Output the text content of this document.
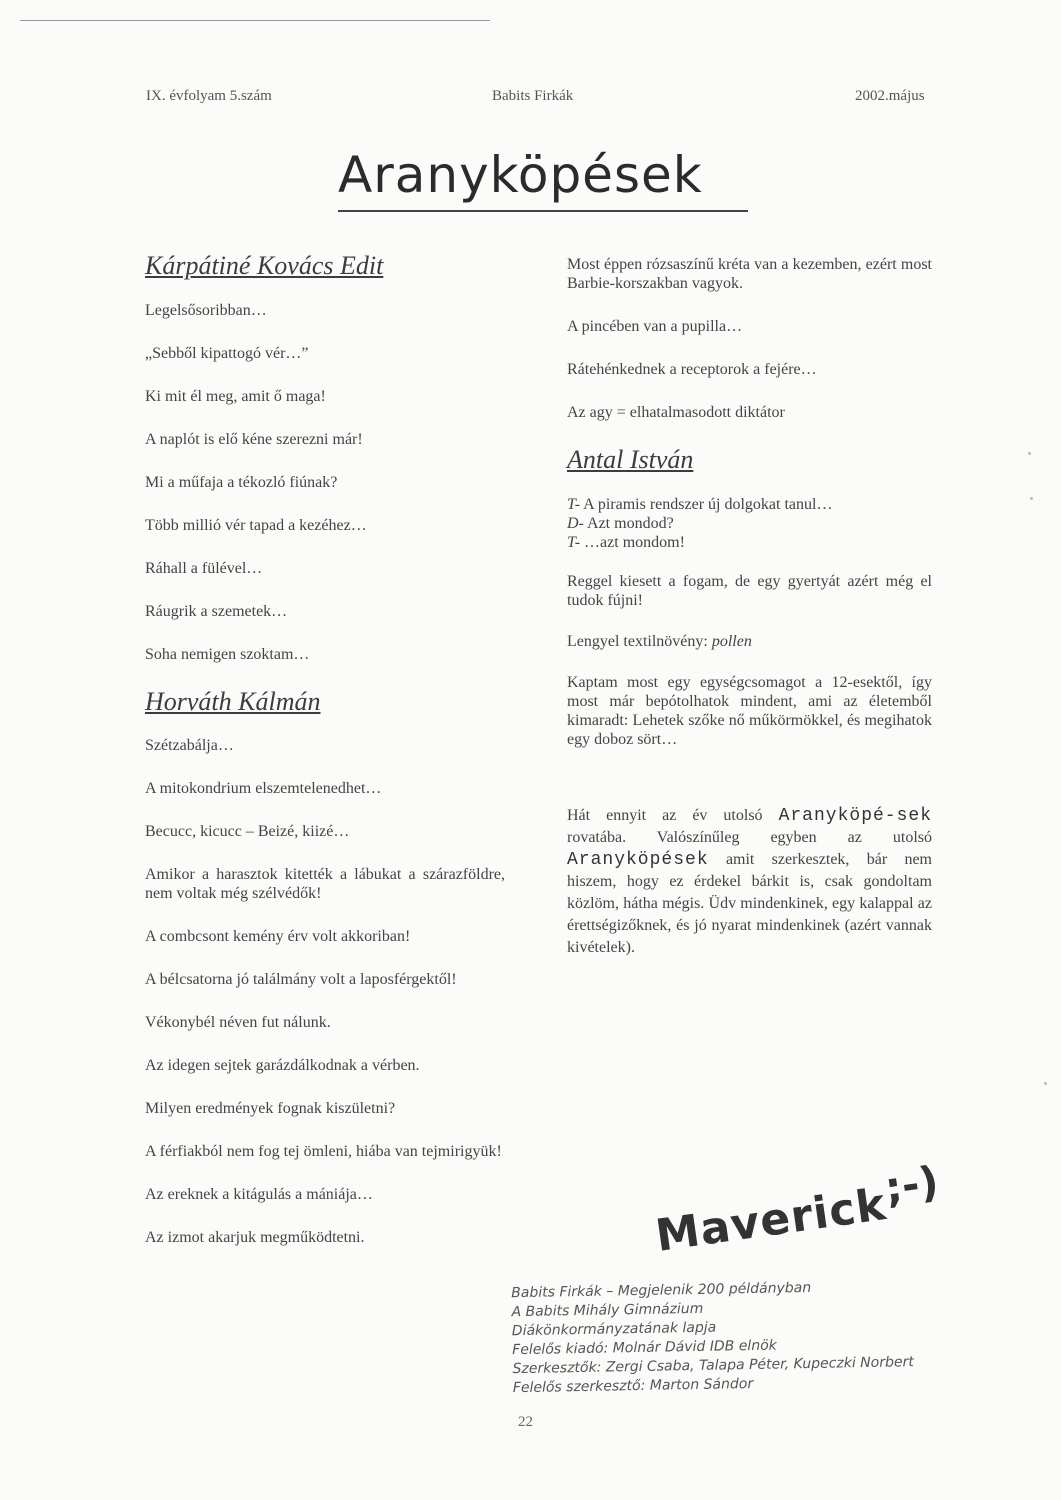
IX. évfolyam 5.szám	Babits Firkák	2002.május
Aranyköpések
Kárpátiné Kovács Edit
Legelsősoribban…
„Sebből kipattogó vér…”
Ki mit él meg, amit ő maga!
A naplót is elő kéne szerezni már!
Mi a műfaja a tékozló fiúnak?
Több millió vér tapad a kezéhez…
Ráhall a fülével…
Ráugrik a szemetek…
Soha nemigen szoktam…
Horváth Kálmán
Szétzabálja…
A mitokondrium elszemtelenedhet…
Becucc, kicucc – Beizé, kiizé…
Amikor a harasztok kitették a lábukat a szárazföldre, nem voltak még szélvédők!
A combcsont kemény érv volt akkoriban!
A bélcsatorna jó találmány volt a laposférgektől!
Vékonybél néven fut nálunk.
Az idegen sejtek garázdálkodnak a vérben.
Milyen eredmények fognak kiszületni?
A férfiakból nem fog tej ömleni, hiába van tejmirigyük!
Az ereknek a kitágulás a mániája…
Az izmot akarjuk megműködtetni.
Most éppen rózsaszínű kréta van a kezemben, ezért most Barbie-korszakban vagyok.
A pincében van a pupilla…
Rátehénkednek a receptorok a fejére…
Az agy = elhatalmasodott diktátor
Antal István
T- A piramis rendszer új dolgokat tanul…
D- Azt mondod?
T- …azt mondom!
Reggel kiesett a fogam, de egy gyertyát azért még el tudok fújni!
Lengyel textilnövény: pollen
Kaptam most egy egységcsomagot a 12-esektől, így most már bepótolhatok mindent, ami az életemből kimaradt: Lehetek szőke nő műkörmökkel, és megihatok egy doboz sört…
Hát ennyit az év utolsó Aranyköpé-sek rovatába. Valószínűleg egyben az utolsó Aranyköpések amit szerkesztek, bár nem hiszem, hogy ez érdekel bárkit is, csak gondoltam közlöm, hátha mégis. Üdv mindenkinek, egy kalappal az érettségizőknek, és jó nyarat mindenkinek (azért vannak kivételek).
Maverick
;-)
Babits Firkák – Megjelenik 200 példányban
A Babits Mihály Gimnázium
Diákönkormányzatának lapja
Felelős kiadó: Molnár Dávid IDB elnök
Szerkesztők: Zergi Csaba, Talapa Péter, Kupeczki Norbert
Felelős szerkesztő: Marton Sándor
22
